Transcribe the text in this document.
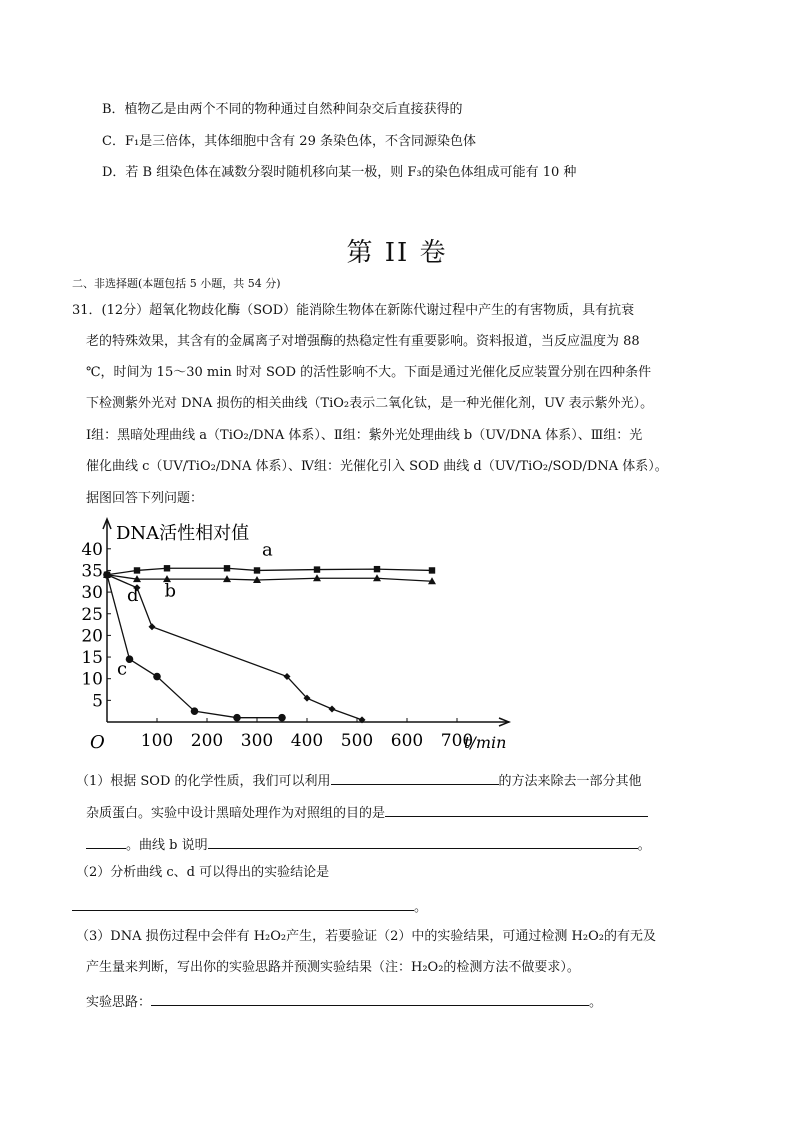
B．植物乙是由两个不同的物种通过自然种间杂交后直接获得的
C．F₁是三倍体，其体细胞中含有 29 条染色体，不含同源染色体
D．若 B 组染色体在减数分裂时随机移向某一极，则 F₃的染色体组成可能有 10 种
第 II 卷
二、非选择题(本题包括 5 小题，共 54 分)
31．(12分）超氧化物歧化酶（SOD）能消除生物体在新陈代谢过程中产生的有害物质，具有抗衰
老的特殊效果，其含有的金属离子对增强酶的热稳定性有重要影响。资料报道，当反应温度为 88
℃，时间为 15～30 min 时对 SOD 的活性影响不大。下面是通过光催化反应装置分别在四种条件
下检测紫外光对 DNA 损伤的相关曲线（TiO₂表示二氧化钛，是一种光催化剂，UV 表示紫外光）。
Ⅰ组：黑暗处理曲线 a（TiO₂/DNA 体系）、Ⅱ组：紫外光处理曲线 b（UV/DNA 体系）、Ⅲ组：光
催化曲线 c（UV/TiO₂/DNA 体系）、Ⅳ组：光催化引入 SOD 曲线 d（UV/TiO₂/SOD/DNA 体系）。
据图回答下列问题：
5
10
15
20
25
30
35
40
100 200 300 400 500 600 700
a
b
d
c
DNA活性相对值
t/min
O
（1）根据 SOD 的化学性质，我们可以利用	的方法来除去一部分其他
杂质蛋白。实验中设计黑暗处理作为对照组的目的是
。曲线 b 说明	。
（2）分析曲线 c、d 可以得出的实验结论是
。
（3）DNA 损伤过程中会伴有 H₂O₂产生，若要验证（2）中的实验结果，可通过检测 H₂O₂的有无及
产生量来判断，写出你的实验思路并预测实验结果（注：H₂O₂的检测方法不做要求）。
实验思路：	。
